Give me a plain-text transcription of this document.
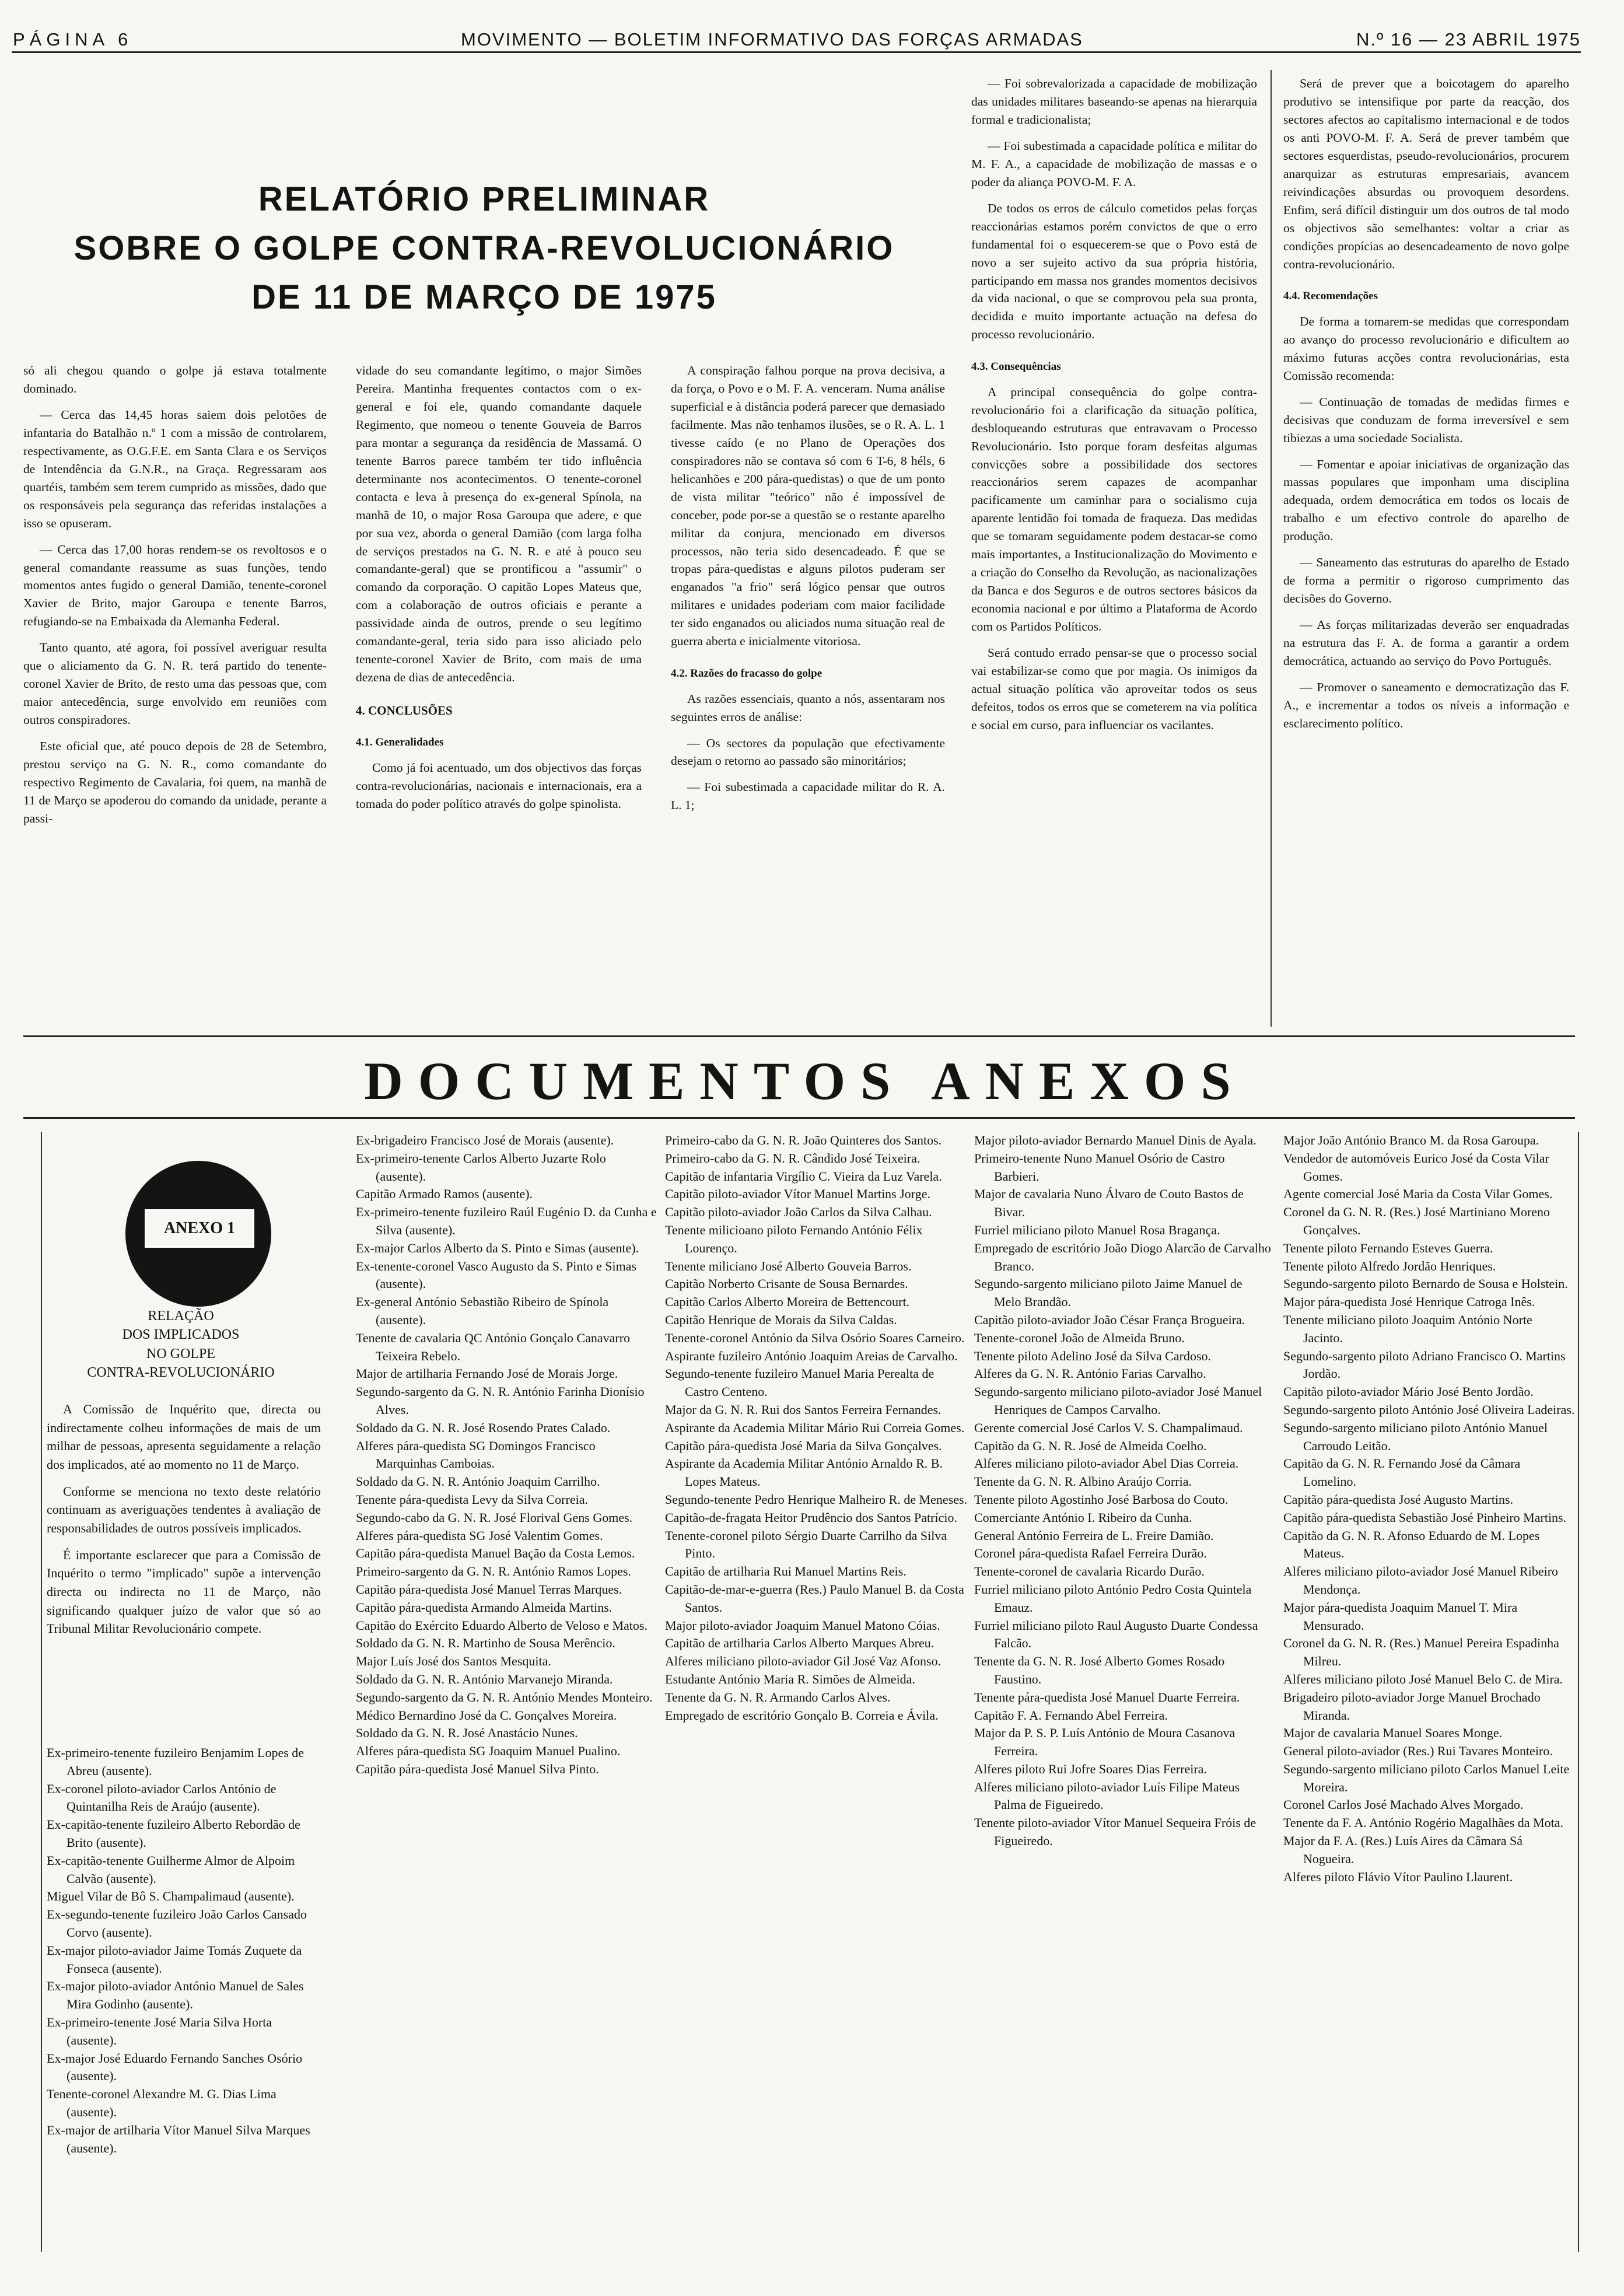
PÁGINA 6	MOVIMENTO — BOLETIM INFORMATIVO DAS FORÇAS ARMADAS	N.º 16 — 23 ABRIL 1975
RELATÓRIO PRELIMINAR
SOBRE O GOLPE CONTRA-REVOLUCIONÁRIO
DE 11 DE MARÇO DE 1975

só ali chegou quando o golpe já estava totalmente dominado.

— Cerca das 14,45 horas saiem dois pelotões de infantaria do Batalhão n.º 1 com a missão de controlarem, respectivamente, as O.G.F.E. em Santa Clara e os Serviços de Intendência da G.N.R., na Graça. Regressaram aos quartéis, também sem terem cumprido as missões, dado que os responsáveis pela segurança das referidas instalações a isso se opuseram.

— Cerca das 17,00 horas rendem-se os revoltosos e o general comandante reassume as suas funções, tendo momentos antes fugido o general Damião, tenente-coronel Xavier de Brito, major Garoupa e tenente Barros, refugiando-se na Embaixada da Alemanha Federal.

Tanto quanto, até agora, foi possível averiguar resulta que o aliciamento da G. N. R. terá partido do tenente-coronel Xavier de Brito, de resto uma das pessoas que, com maior antecedência, surge envolvido em reuniões com outros conspiradores.

Este oficial que, até pouco depois de 28 de Setembro, prestou serviço na G. N. R., como comandante do respectivo Regimento de Cavalaria, foi quem, na manhã de 11 de Março se apoderou do comando da unidade, perante a passi-

vidade do seu comandante legítimo, o major Simões Pereira. Mantinha frequentes contactos com o ex-general e foi ele, quando comandante daquele Regimento, que nomeou o tenente Gouveia de Barros para montar a segurança da residência de Massamá. O tenente Barros parece também ter tido influência determinante nos acontecimentos. O tenente-coronel contacta e leva à presença do ex-general Spínola, na manhã de 10, o major Rosa Garoupa que adere, e que por sua vez, aborda o general Damião (com larga folha de serviços prestados na G. N. R. e até à pouco seu comandante-geral) que se prontificou a "assumir" o comando da corporação. O capitão Lopes Mateus que, com a colaboração de outros oficiais e perante a passividade ainda de outros, prende o seu legítimo comandante-geral, teria sido para isso aliciado pelo tenente-coronel Xavier de Brito, com mais de uma dezena de dias de antecedência.

4. CONCLUSÕES
4.1. Generalidades

Como já foi acentuado, um dos objectivos das forças contra-revolucionárias, nacionais e internacionais, era a tomada do poder político através do golpe spinolista.

A conspiração falhou porque na prova decisiva, a da força, o Povo e o M. F. A. venceram. Numa análise superficial e à distância poderá parecer que demasiado facilmente. Mas não tenhamos ilusões, se o R. A. L. 1 tivesse caído (e no Plano de Operações dos conspiradores não se contava só com 6 T-6, 8 héls, 6 helicanhões e 200 pára-quedistas) o que de um ponto de vista militar "teórico" não é impossível de conceber, pode por-se a questão se o restante aparelho militar da conjura, mencionado em diversos processos, não teria sido desencadeado. É que se tropas pára-quedistas e alguns pilotos puderam ser enganados "a frio" será lógico pensar que outros militares e unidades poderiam com maior facilidade ter sido enganados ou aliciados numa situação real de guerra aberta e inicialmente vitoriosa.

4.2. Razões do fracasso do golpe

As razões essenciais, quanto a nós, assentaram nos seguintes erros de análise:

— Os sectores da população que efectivamente desejam o retorno ao passado são minoritários;

— Foi subestimada a capacidade militar do R. A. L. 1;

— Foi sobrevalorizada a capacidade de mobilização das unidades militares baseando-se apenas na hierarquia formal e tradicionalista;

— Foi subestimada a capacidade política e militar do M. F. A., a capacidade de mobilização de massas e o poder da aliança POVO-M. F. A.

De todos os erros de cálculo cometidos pelas forças reaccionárias estamos porém convictos de que o erro fundamental foi o esquecerem-se que o Povo está de novo a ser sujeito activo da sua própria história, participando em massa nos grandes momentos decisivos da vida nacional, o que se comprovou pela sua pronta, decidida e muito importante actuação na defesa do processo revolucionário.

4.3. Consequências

A principal consequência do golpe contra-revolucionário foi a clarificação da situação política, desbloqueando estruturas que entravavam o Processo Revolucionário. Isto porque foram desfeitas algumas convicções sobre a possibilidade dos sectores reaccionários serem capazes de acompanhar pacificamente um caminhar para o socialismo cuja aparente lentidão foi tomada de fraqueza. Das medidas que se tomaram seguidamente podem destacar-se como mais importantes, a Institucionalização do Movimento e a criação do Conselho da Revolução, as nacionalizações da Banca e dos Seguros e de outros sectores básicos da economia nacional e por último a Plataforma de Acordo com os Partidos Políticos.

Será contudo errado pensar-se que o processo social vai estabilizar-se como que por magia. Os inimigos da actual situação política vão aproveitar todos os seus defeitos, todos os erros que se cometerem na via política e social em curso, para influenciar os vacilantes.

Será de prever que a boicotagem do aparelho produtivo se intensifique por parte da reacção, dos sectores afectos ao capitalismo internacional e de todos os anti POVO-M. F. A. Será de prever também que sectores esquerdistas, pseudo-revolucionários, procurem anarquizar as estruturas empresariais, avancem reivindicações absurdas ou provoquem desordens. Enfim, será difícil distinguir um dos outros de tal modo os objectivos são semelhantes: voltar a criar as condições propícias ao desencadeamento de novo golpe contra-revolucionário.

4.4. Recomendações

De forma a tomarem-se medidas que correspondam ao avanço do processo revolucionário e dificultem ao máximo futuras acções contra revolucionárias, esta Comissão recomenda:

— Continuação de tomadas de medidas firmes e decisivas que conduzam de forma irreversível e sem tibiezas a uma sociedade Socialista.

— Fomentar e apoiar iniciativas de organização das massas populares que imponham uma disciplina adequada, ordem democrática em todos os locais de trabalho e um efectivo controle do aparelho de produção.

— Saneamento das estruturas do aparelho de Estado de forma a permitir o rigoroso cumprimento das decisões do Governo.

— As forças militarizadas deverão ser enquadradas na estrutura das F. A. de forma a garantir a ordem democrática, actuando ao serviço do Povo Português.

— Promover o saneamento e democratização das F. A., e incrementar a todos os níveis a informação e esclarecimento político.

DOCUMENTOS ANEXOS
ANEXO 1
RELAÇÃO
DOS IMPLICADOS
NO GOLPE
CONTRA-REVOLUCIONÁRIO

A Comissão de Inquérito que, directa ou indirectamente colheu informações de mais de um milhar de pessoas, apresenta seguidamente a relação dos implicados, até ao momento no 11 de Março.

Conforme se menciona no texto deste relatório continuam as averiguações tendentes à avaliação de responsabilidades de outros possíveis implicados.

É importante esclarecer que para a Comissão de Inquérito o termo "implicado" supõe a intervenção directa ou indirecta no 11 de Março, não significando qualquer juízo de valor que só ao Tribunal Militar Revolucionário compete.

Ex-primeiro-tenente fuzileiro Benjamim Lopes de Abreu (ausente).

Ex-coronel piloto-aviador Carlos António de Quintanilha Reis de Araújo (ausente).

Ex-capitão-tenente fuzileiro Alberto Rebordão de Brito (ausente).

Ex-capitão-tenente Guilherme Almor de Alpoim Calvão (ausente).

Miguel Vilar de Bô S. Champalimaud (ausente).

Ex-segundo-tenente fuzileiro João Carlos Cansado Corvo (ausente).

Ex-major piloto-aviador Jaime Tomás Zuquete da Fonseca (ausente).

Ex-major piloto-aviador António Manuel de Sales Mira Godinho (ausente).

Ex-primeiro-tenente José Maria Silva Horta (ausente).

Ex-major José Eduardo Fernando Sanches Osório (ausente).

Tenente-coronel Alexandre M. G. Dias Lima (ausente).

Ex-major de artilharia Vítor Manuel Silva Marques (ausente).

Ex-brigadeiro Francisco José de Morais (ausente).

Ex-primeiro-tenente Carlos Alberto Juzarte Rolo (ausente).

Capitão Armado Ramos (ausente).

Ex-primeiro-tenente fuzileiro Raúl Eugénio D. da Cunha e Silva (ausente).

Ex-major Carlos Alberto da S. Pinto e Simas (ausente).

Ex-tenente-coronel Vasco Augusto da S. Pinto e Simas (ausente).

Ex-general António Sebastião Ribeiro de Spínola (ausente).

Tenente de cavalaria QC António Gonçalo Canavarro Teixeira Rebelo.

Major de artilharia Fernando José de Morais Jorge.

Segundo-sargento da G. N. R. António Farinha Dionísio Alves.

Soldado da G. N. R. José Rosendo Prates Calado.

Alferes pára-quedista SG Domingos Francisco Marquinhas Camboias.

Soldado da G. N. R. António Joaquim Carrilho.

Tenente pára-quedista Levy da Silva Correia.

Segundo-cabo da G. N. R. José Florival Gens Gomes.

Alferes pára-quedista SG José Valentim Gomes.

Capitão pára-quedista Manuel Bação da Costa Lemos.

Primeiro-sargento da G. N. R. António Ramos Lopes.

Capitão pára-quedista José Manuel Terras Marques.

Capitão pára-quedista Armando Almeida Martins.

Capitão do Exército Eduardo Alberto de Veloso e Matos.

Soldado da G. N. R. Martinho de Sousa Merêncio.

Major Luís José dos Santos Mesquita.

Soldado da G. N. R. António Marvanejo Miranda.

Segundo-sargento da G. N. R. António Mendes Monteiro.

Médico Bernardino José da C. Gonçalves Moreira.

Soldado da G. N. R. José Anastácio Nunes.

Alferes pára-quedista SG Joaquim Manuel Pualino.

Capitão pára-quedista José Manuel Silva Pinto.

Primeiro-cabo da G. N. R. João Quinteres dos Santos.

Primeiro-cabo da G. N. R. Cândido José Teixeira.

Capitão de infantaria Virgílio C. Vieira da Luz Varela.

Capitão piloto-aviador Vítor Manuel Martins Jorge.

Capitão piloto-aviador João Carlos da Silva Calhau.

Tenente milicioano piloto Fernando António Félix Lourenço.

Tenente miliciano José Alberto Gouveia Barros.

Capitão Norberto Crisante de Sousa Bernardes.

Capitão Carlos Alberto Moreira de Bettencourt.

Capitão Henrique de Morais da Silva Caldas.

Tenente-coronel António da Silva Osório Soares Carneiro.

Aspirante fuzileiro António Joaquim Areias de Carvalho.

Segundo-tenente fuzileiro Manuel Maria Perealta de Castro Centeno.

Major da G. N. R. Rui dos Santos Ferreira Fernandes.

Aspirante da Academia Militar Mário Rui Correia Gomes.

Capitão pára-quedista José Maria da Silva Gonçalves.

Aspirante da Academia Militar António Arnaldo R. B. Lopes Mateus.

Segundo-tenente Pedro Henrique Malheiro R. de Meneses.

Capitão-de-fragata Heitor Prudêncio dos Santos Patrício.

Tenente-coronel piloto Sérgio Duarte Carrilho da Silva Pinto.

Capitão de artilharia Rui Manuel Martins Reis.

Capitão-de-mar-e-guerra (Res.) Paulo Manuel B. da Costa Santos.

Major piloto-aviador Joaquim Manuel Matono Cóias.

Capitão de artilharia Carlos Alberto Marques Abreu.

Alferes miliciano piloto-aviador Gil José Vaz Afonso.

Estudante António Maria R. Simões de Almeida.

Tenente da G. N. R. Armando Carlos Alves.

Empregado de escritório Gonçalo B. Correia e Ávila.

Major piloto-aviador Bernardo Manuel Dinis de Ayala.

Primeiro-tenente Nuno Manuel Osório de Castro Barbieri.

Major de cavalaria Nuno Álvaro de Couto Bastos de Bivar.

Furriel miliciano piloto Manuel Rosa Bragança.

Empregado de escritório João Diogo Alarcão de Carvalho Branco.

Segundo-sargento miliciano piloto Jaime Manuel de Melo Brandão.

Capitão piloto-aviador João César França Brogueira.

Tenente-coronel João de Almeida Bruno.

Tenente piloto Adelino José da Silva Cardoso.

Alferes da G. N. R. António Farias Carvalho.

Segundo-sargento miliciano piloto-aviador José Manuel Henriques de Campos Carvalho.

Gerente comercial José Carlos V. S. Champalimaud.

Capitão da G. N. R. José de Almeida Coelho.

Alferes miliciano piloto-aviador Abel Dias Correia.

Tenente da G. N. R. Albino Araújo Corria.

Tenente piloto Agostinho José Barbosa do Couto.

Comerciante António I. Ribeiro da Cunha.

General António Ferreira de L. Freire Damião.

Coronel pára-quedista Rafael Ferreira Durão.

Tenente-coronel de cavalaria Ricardo Durão.

Furriel miliciano piloto António Pedro Costa Quintela Emauz.

Furriel miliciano piloto Raul Augusto Duarte Condessa Falcão.

Tenente da G. N. R. José Alberto Gomes Rosado Faustino.

Tenente pára-quedista José Manuel Duarte Ferreira.

Capitão F. A. Fernando Abel Ferreira.

Major da P. S. P. Luís António de Moura Casanova Ferreira.

Alferes piloto Rui Jofre Soares Dias Ferreira.

Alferes miliciano piloto-aviador Luís Filipe Mateus Palma de Figueiredo.

Tenente piloto-aviador Vítor Manuel Sequeira Fróis de Figueiredo.

Major João António Branco M. da Rosa Garoupa.

Vendedor de automóveis Eurico José da Costa Vilar Gomes.

Agente comercial José Maria da Costa Vilar Gomes.

Coronel da G. N. R. (Res.) José Martiniano Moreno Gonçalves.

Tenente piloto Fernando Esteves Guerra.

Tenente piloto Alfredo Jordão Henriques.

Segundo-sargento piloto Bernardo de Sousa e Holstein.

Major pára-quedista José Henrique Catroga Inês.

Tenente miliciano piloto Joaquim António Norte Jacinto.

Segundo-sargento piloto Adriano Francisco O. Martins Jordão.

Capitão piloto-aviador Mário José Bento Jordão.

Segundo-sargento piloto António José Oliveira Ladeiras.

Segundo-sargento miliciano piloto António Manuel Carroudo Leitão.

Capitão da G. N. R. Fernando José da Câmara Lomelino.

Capitão pára-quedista José Augusto Martins.

Capitão pára-quedista Sebastião José Pinheiro Martins.

Capitão da G. N. R. Afonso Eduardo de M. Lopes Mateus.

Alferes miliciano piloto-aviador José Manuel Ribeiro Mendonça.

Major pára-quedista Joaquim Manuel T. Mira Mensurado.

Coronel da G. N. R. (Res.) Manuel Pereira Espadinha Milreu.

Alferes miliciano piloto José Manuel Belo C. de Mira.

Brigadeiro piloto-aviador Jorge Manuel Brochado Miranda.

Major de cavalaria Manuel Soares Monge.

General piloto-aviador (Res.) Rui Tavares Monteiro.

Segundo-sargento miliciano piloto Carlos Manuel Leite Moreira.

Coronel Carlos José Machado Alves Morgado.

Tenente da F. A. António Rogério Magalhães da Mota.

Major da F. A. (Res.) Luís Aires da Câmara Sá Nogueira.

Alferes piloto Flávio Vítor Paulino Llaurent.
